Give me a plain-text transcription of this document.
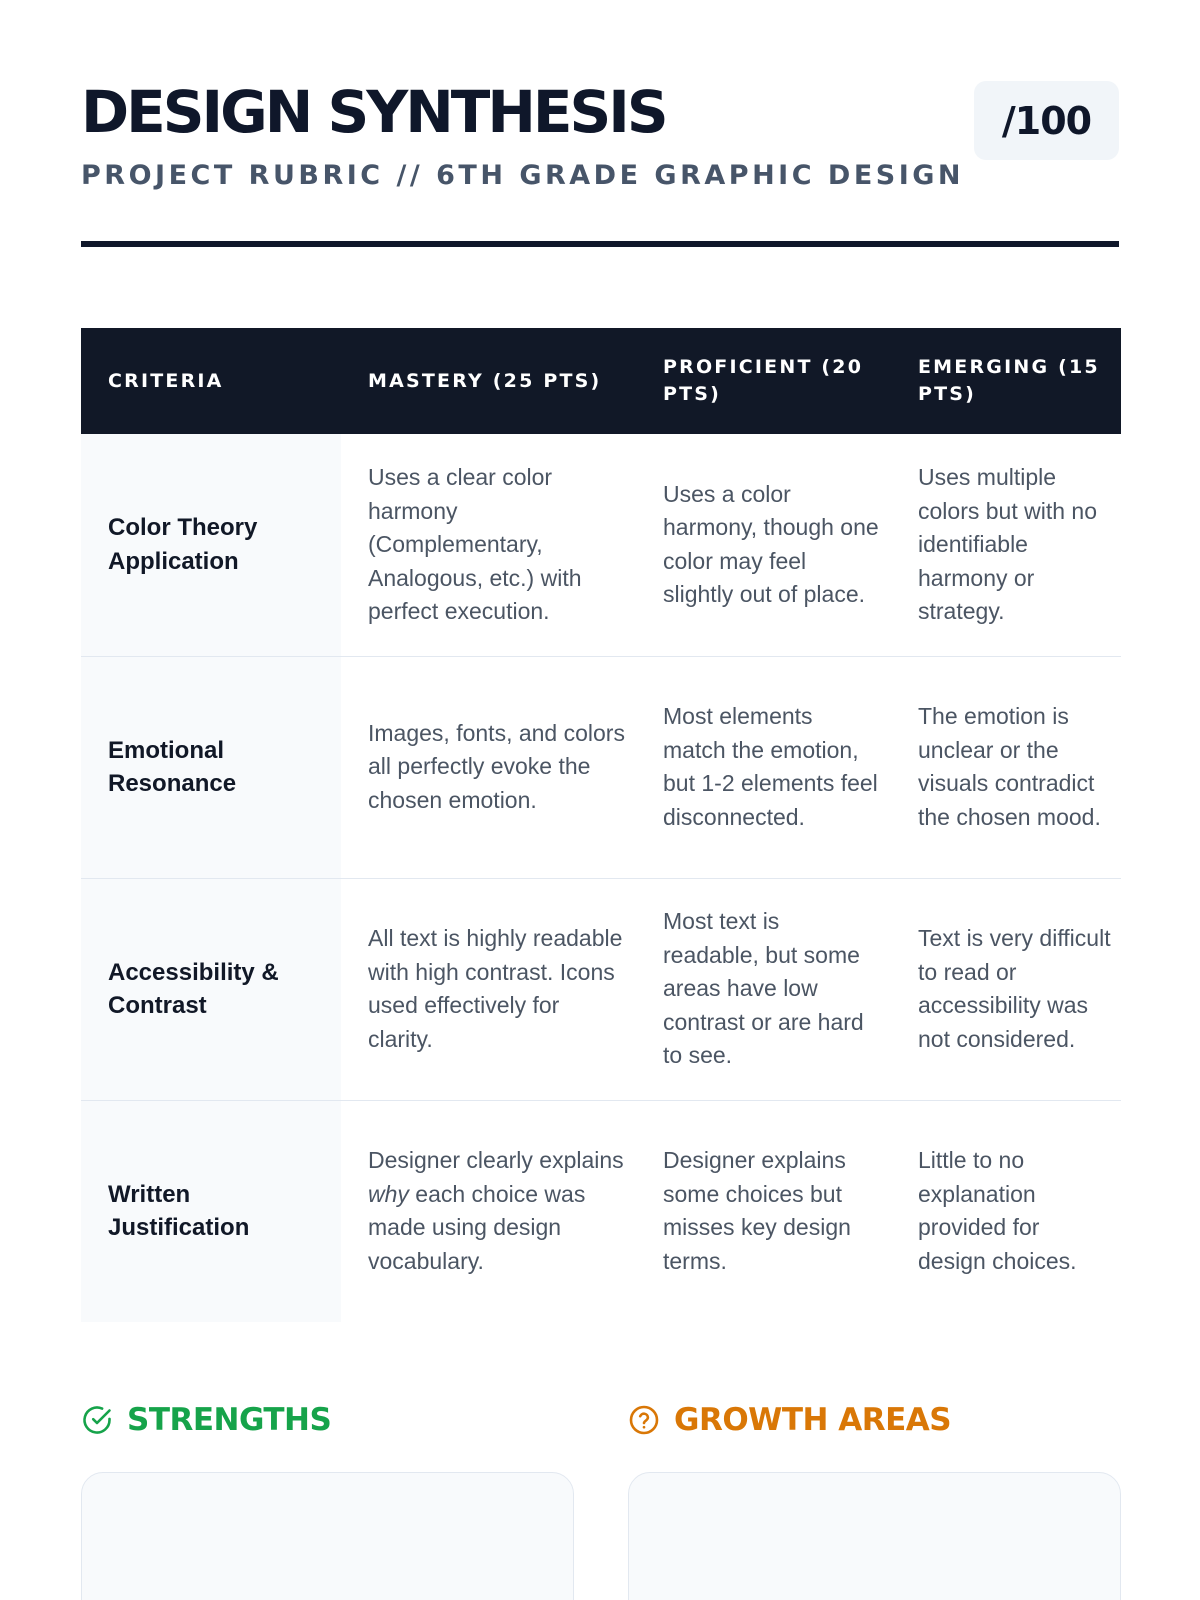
DESIGN SYNTHESIS
PROJECT RUBRIC // 6TH GRADE GRAPHIC DESIGN
/100
CRITERIA	MASTERY (25 PTS)	PROFICIENT (20 PTS)	EMERGING (15 PTS)
Color Theory Application	Uses a clear color harmony (Complementary, Analogous, etc.) with perfect execution.	Uses a color harmony, though one color may feel slightly out of place.	Uses multiple colors but with no identifiable harmony or strategy.
Emotional Resonance	Images, fonts, and colors all perfectly evoke the chosen emotion.	Most elements match the emotion, but 1-2 elements feel disconnected.	The emotion is unclear or the visuals contradict the chosen mood.
Accessibility & Contrast	All text is highly readable with high contrast. Icons used effectively for clarity.	Most text is readable, but some areas have low contrast or are hard to see.	Text is very difficult to read or accessibility was not considered.
Written Justification	Designer clearly explains why each choice was made using design vocabulary.	Designer explains some choices but misses key design terms.	Little to no explanation provided for design choices.
STRENGTHS	GROWTH AREAS
